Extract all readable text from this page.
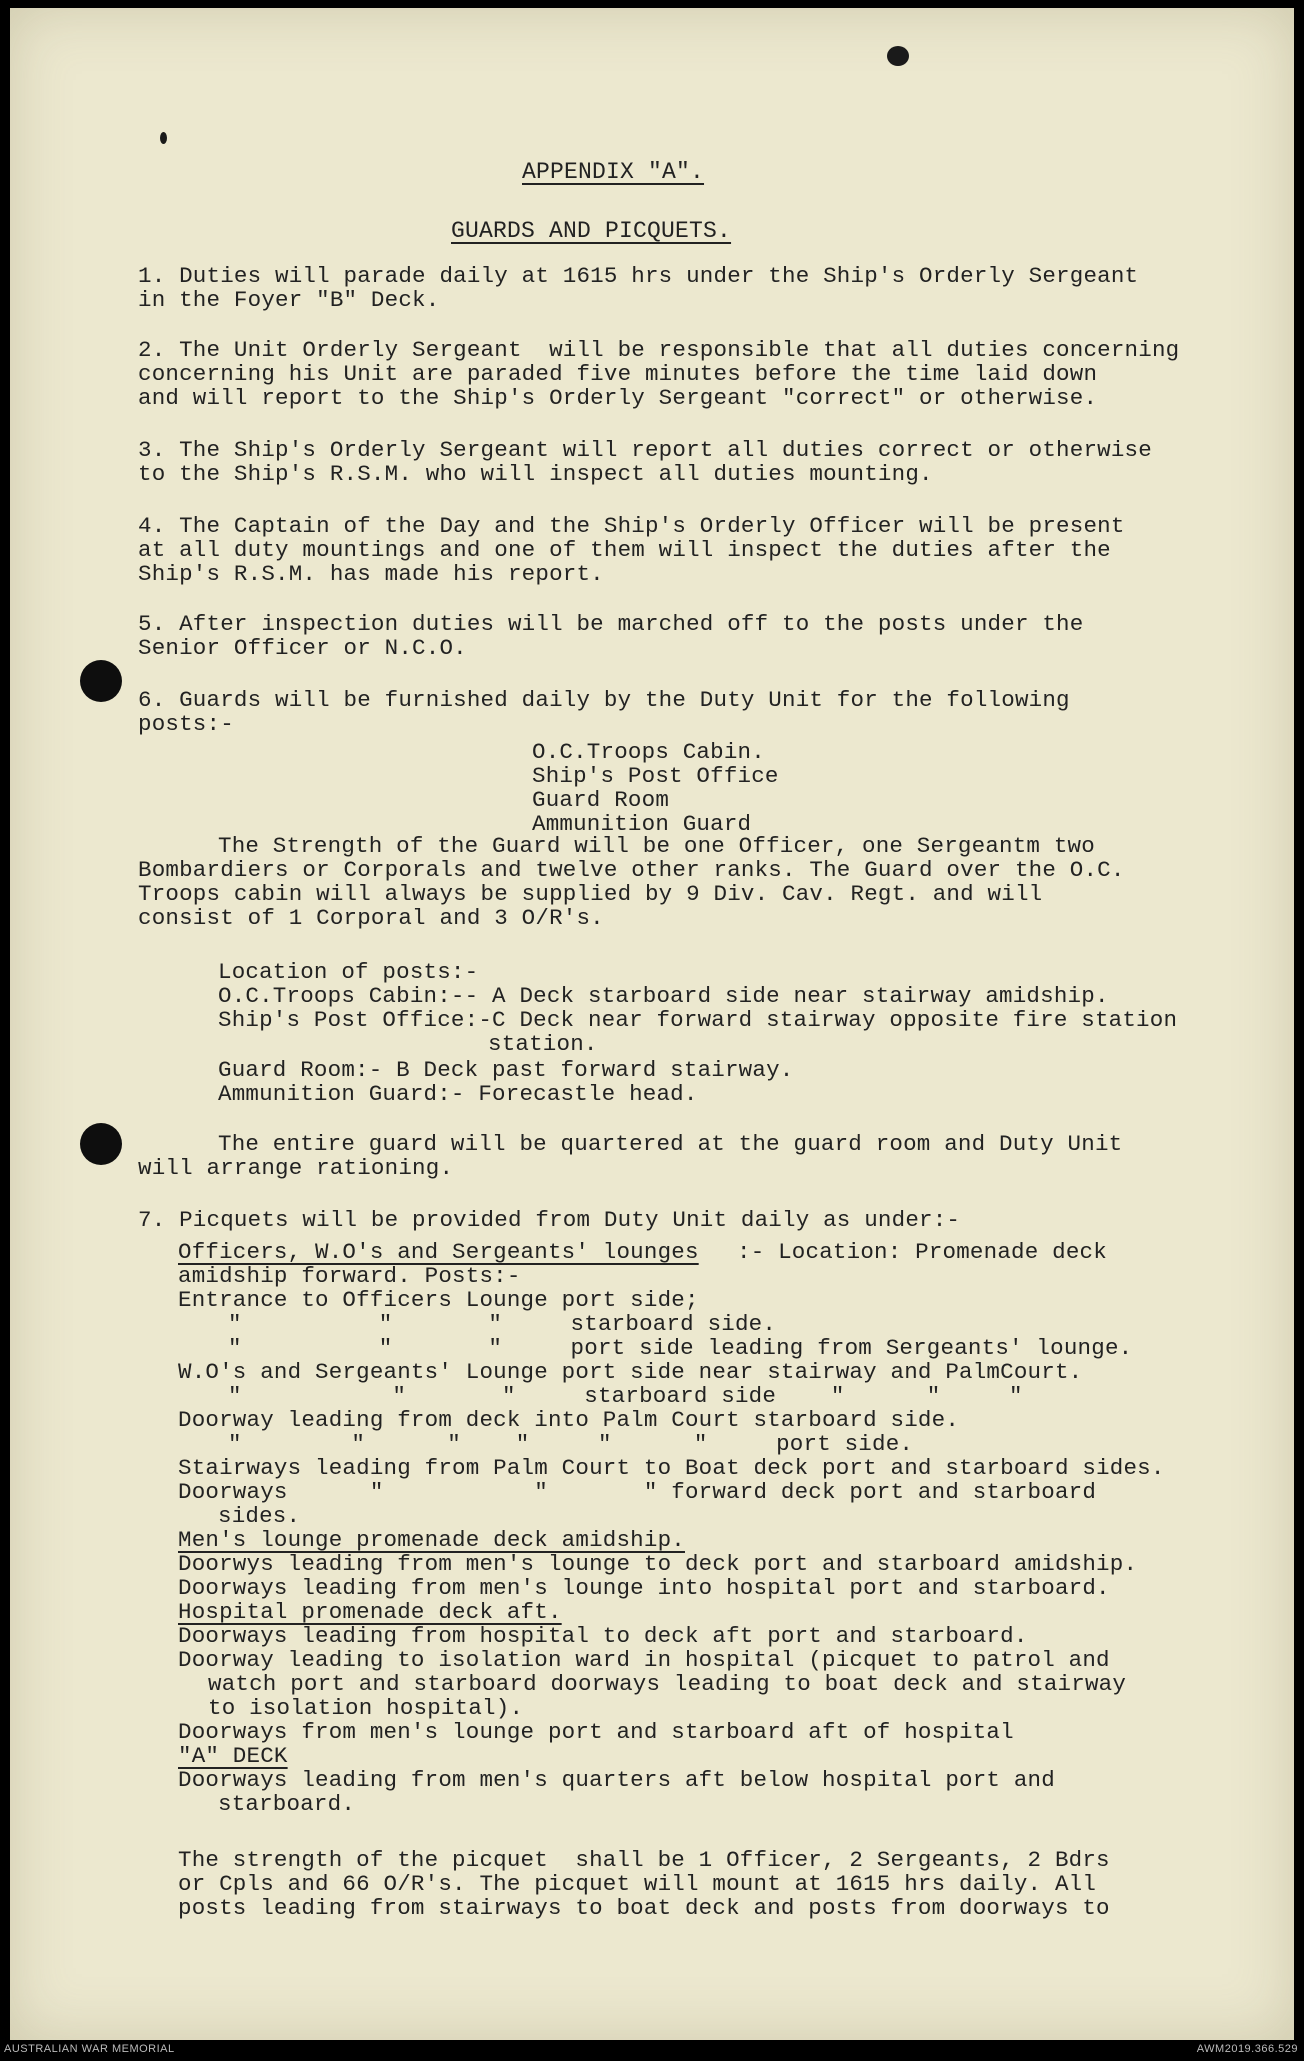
APPENDIX "A".
GUARDS AND PICQUETS.
1. Duties will parade daily at 1615 hrs under the Ship's Orderly Sergeant
in the Foyer "B" Deck.
2. The Unit Orderly Sergeant  will be responsible that all duties concerning
concerning his Unit are paraded five minutes before the time laid down
and will report to the Ship's Orderly Sergeant "correct" or otherwise.
3. The Ship's Orderly Sergeant will report all duties correct or otherwise
to the Ship's R.S.M. who will inspect all duties mounting.
4. The Captain of the Day and the Ship's Orderly Officer will be present
at all duty mountings and one of them will inspect the duties after the
Ship's R.S.M. has made his report.
5. After inspection duties will be marched off to the posts under the
Senior Officer or N.C.O.
6. Guards will be furnished daily by the Duty Unit for the following
posts:-
O.C.Troops Cabin.
Ship's Post Office
Guard Room
Ammunition Guard
The Strength of the Guard will be one Officer, one Sergeantm two
Bombardiers or Corporals and twelve other ranks. The Guard over the O.C.
Troops cabin will always be supplied by 9 Div. Cav. Regt. and will
consist of 1 Corporal and 3 O/R's.
Location of posts:-
O.C.Troops Cabin:-- A Deck starboard side near stairway amidship.
Ship's Post Office:-C Deck near forward stairway opposite fire station
station.
Guard Room:- B Deck past forward stairway.
Ammunition Guard:- Forecastle head.
The entire guard will be quartered at the guard room and Duty Unit
will arrange rationing.
7. Picquets will be provided from Duty Unit daily as under:-
Officers, W.O's and Sergeants' lounges :- Location: Promenade deck
amidship forward. Posts:-
Entrance to Officers Lounge port side;
"          "       "     starboard side.
"          "       "     port side leading from Sergeants' lounge.
W.O's and Sergeants' Lounge port side near stairway and PalmCourt.
"           "       "     starboard side    "      "     "
Doorway leading from deck into Palm Court starboard side.
"        "      "    "     "      "     port side.
Stairways leading from Palm Court to Boat deck port and starboard sides.
Doorways      "           "       " forward deck port and starboard
sides.
Men's lounge promenade deck amidship.
Doorwys leading from men's lounge to deck port and starboard amidship.
Doorways leading from men's lounge into hospital port and starboard.
Hospital promenade deck aft.
Doorways leading from hospital to deck aft port and starboard.
Doorway leading to isolation ward in hospital (picquet to patrol and
watch port and starboard doorways leading to boat deck and stairway
to isolation hospital).
Doorways from men's lounge port and starboard aft of hospital
"A" DECK
Doorways leading from men's quarters aft below hospital port and
starboard.
The strength of the picquet  shall be 1 Officer, 2 Sergeants, 2 Bdrs
or Cpls and 66 O/R's. The picquet will mount at 1615 hrs daily. All
posts leading from stairways to boat deck and posts from doorways to
AUSTRALIAN WAR MEMORIAL	AWM2019.366.529
